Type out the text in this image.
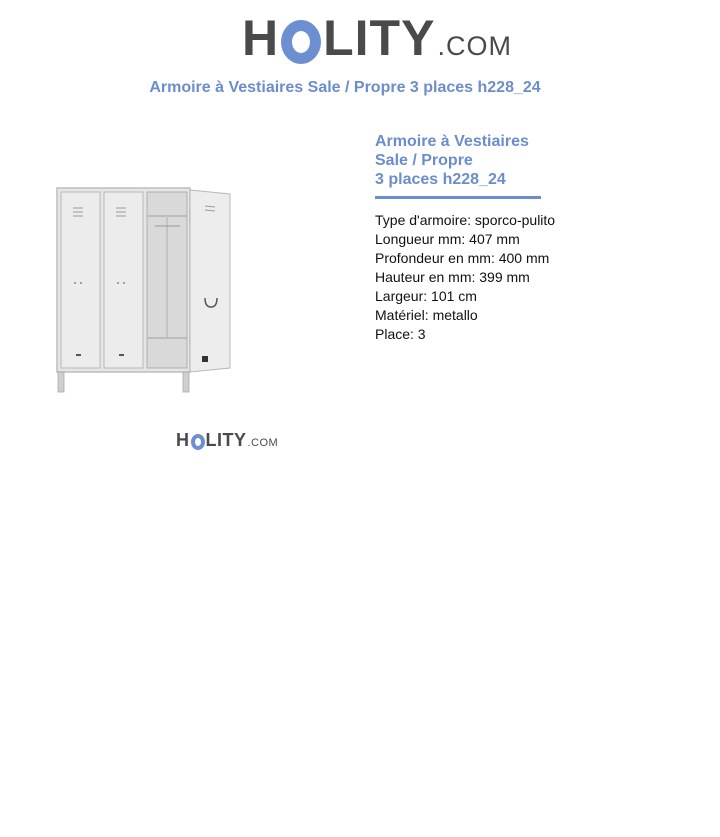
H LITY .COM
Armoire à Vestiaires Sale / Propre 3 places h228_24
H LITY .COM
Armoire à Vestiaires
Sale / Propre
3 places h228_24
Type d'armoire: sporco-pulito
Longueur mm: 407 mm
Profondeur en mm: 400 mm
Hauteur en mm: 399 mm
Largeur: 101 cm
Matériel: metallo
Place: 3
